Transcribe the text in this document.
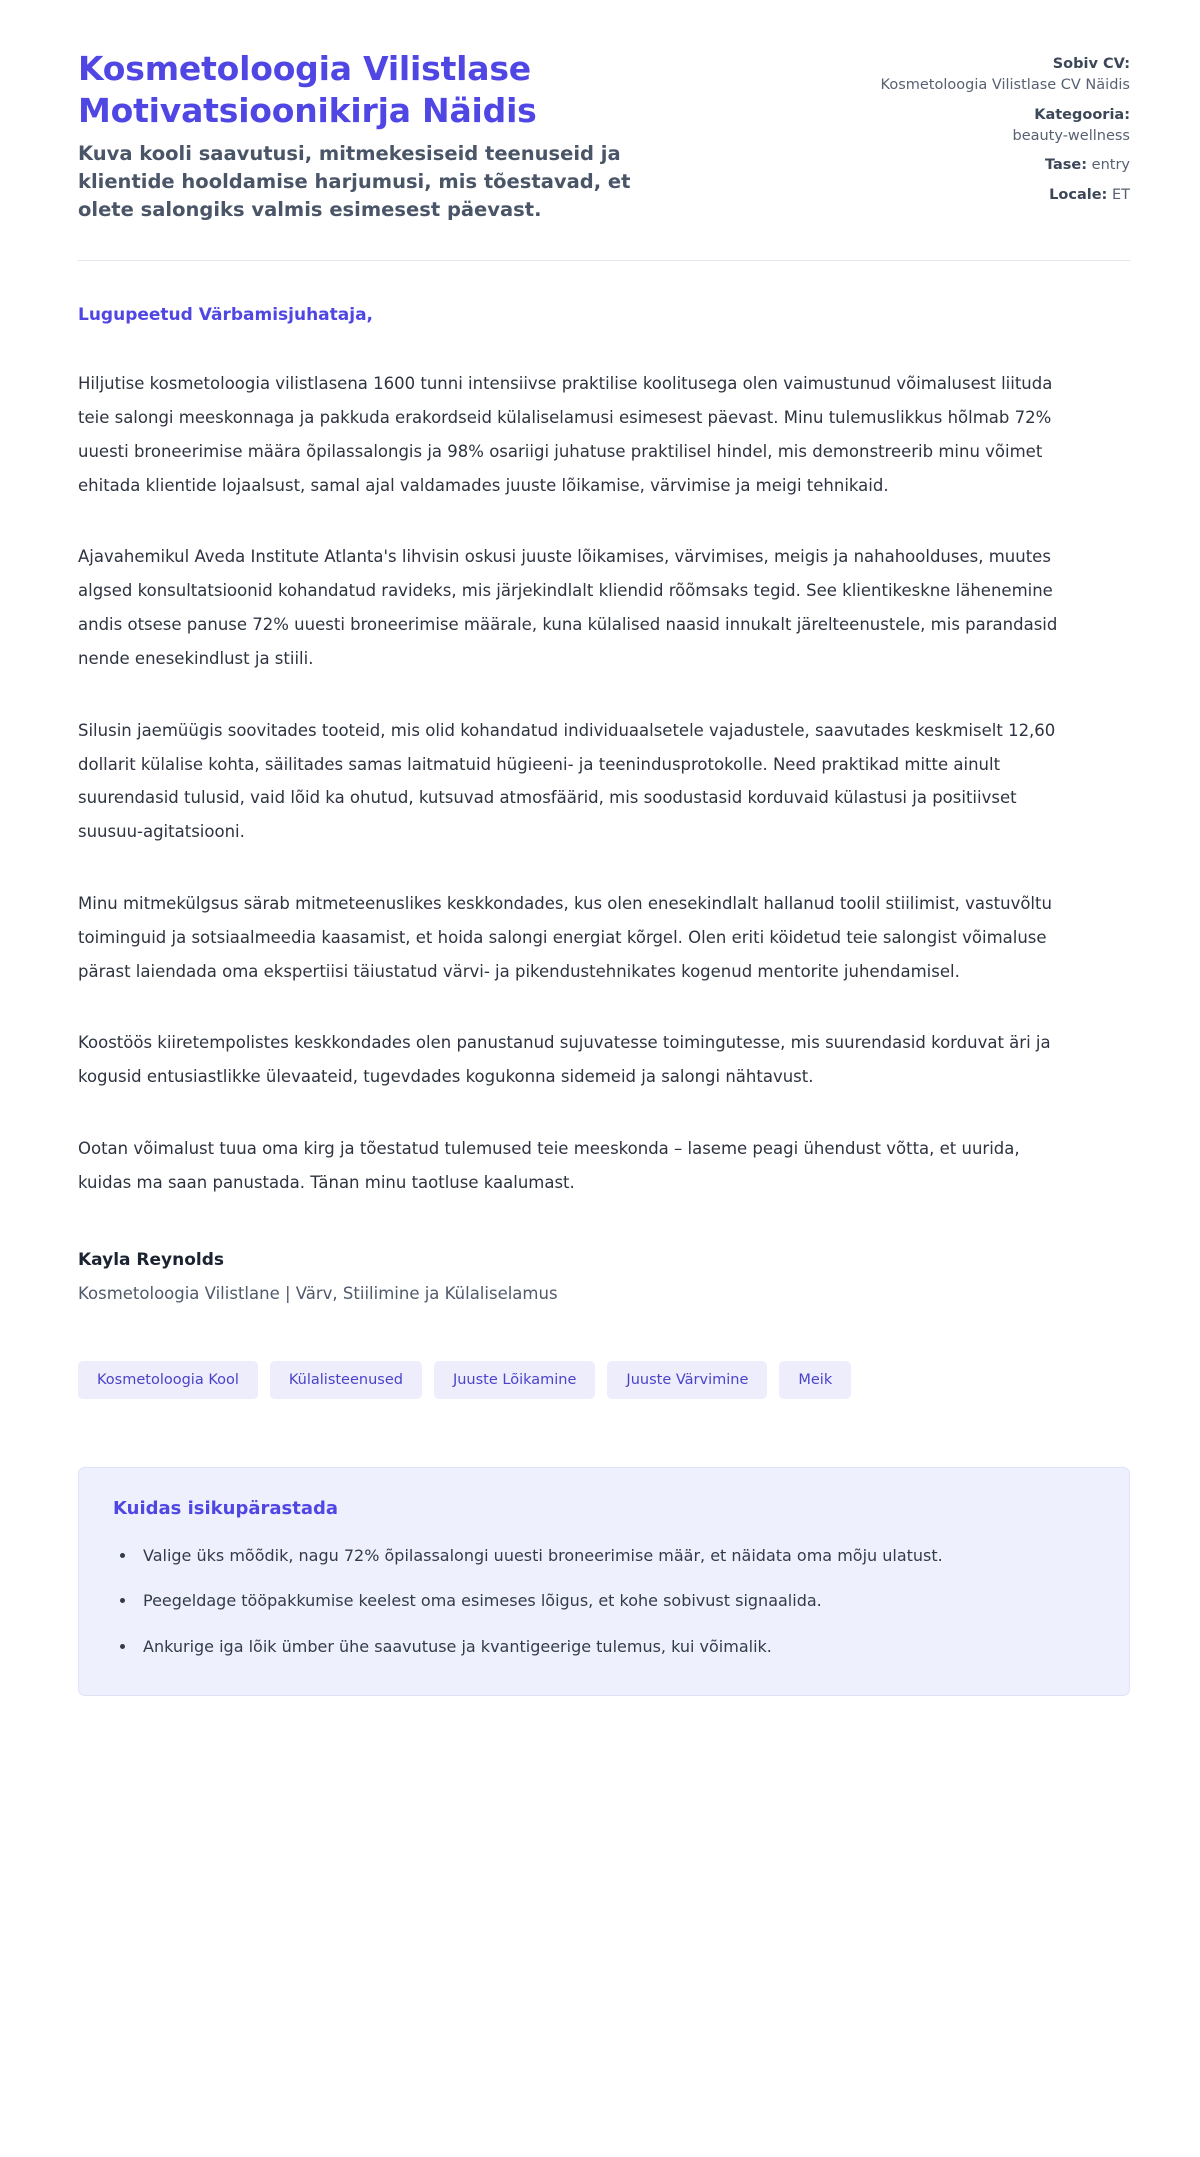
Kosmetoloogia Vilistlase Motivatsioonikirja Näidis

Kuva kooli saavutusi, mitmekesiseid teenuseid ja klientide hooldamise harjumusi, mis tõestavad, et olete salongiks valmis esimesest päevast.

Sobiv CV:
Kosmetoloogia Vilistlase CV Näidis
Kategooria:
beauty-wellness
Tase: entry
Locale: ET

Lugupeetud Värbamisjuhataja,

Hiljutise kosmetoloogia vilistlasena 1600 tunni intensiivse praktilise koolitusega olen vaimustunud võimalusest liituda teie salongi meeskonnaga ja pakkuda erakordseid külaliselamusi esimesest päevast. Minu tulemuslikkus hõlmab 72% uuesti broneerimise määra õpilassalongis ja 98% osariigi juhatuse praktilisel hindel, mis demonstreerib minu võimet ehitada klientide lojaalsust, samal ajal valdamades juuste lõikamise, värvimise ja meigi tehnikaid.

Ajavahemikul Aveda Institute Atlanta's lihvisin oskusi juuste lõikamises, värvimises, meigis ja nahahoolduses, muutes algsed konsultatsioonid kohandatud ravideks, mis järjekindlalt kliendid rõõmsaks tegid. See klientikeskne lähenemine andis otsese panuse 72% uuesti broneerimise määrale, kuna külalised naasid innukalt järelteenustele, mis parandasid nende enesekindlust ja stiili.

Silusin jaemüügis soovitades tooteid, mis olid kohandatud individuaalsetele vajadustele, saavutades keskmiselt 12,60 dollarit külalise kohta, säilitades samas laitmatuid hügieeni- ja teenindusprotokolle. Need praktikad mitte ainult suurendasid tulusid, vaid lõid ka ohutud, kutsuvad atmosfäärid, mis soodustasid korduvaid külastusi ja positiivset suusuu-agitatsiooni.

Minu mitmekülgsus särab mitmeteenuslikes keskkondades, kus olen enesekindlalt hallanud toolil stiilimist, vastuvõltu toiminguid ja sotsiaalmeedia kaasamist, et hoida salongi energiat kõrgel. Olen eriti köidetud teie salongist võimaluse pärast laiendada oma ekspertiisi täiustatud värvi- ja pikendustehnikates kogenud mentorite juhendamisel.

Koostöös kiiretempolistes keskkondades olen panustanud sujuvatesse toimingutesse, mis suurendasid korduvat äri ja kogusid entusiastlikke ülevaateid, tugevdades kogukonna sidemeid ja salongi nähtavust.

Ootan võimalust tuua oma kirg ja tõestatud tulemused teie meeskonda – laseme peagi ühendust võtta, et uurida, kuidas ma saan panustada. Tänan minu taotluse kaalumast.

Kayla Reynolds

Kosmetoloogia Vilistlane | Värv, Stiilimine ja Külaliselamus

Kosmetoloogia Kool	Külalisteenused	Juuste Lõikamine	Juuste Värvimine	Meik
Kuidas isikupärastada
• Valige üks mõõdik, nagu 72% õpilassalongi uuesti broneerimise määr, et näidata oma mõju ulatust.
• Peegeldage tööpakkumise keelest oma esimeses lõigus, et kohe sobivust signaalida.
• Ankurige iga lõik ümber ühe saavutuse ja kvantigeerige tulemus, kui võimalik.
